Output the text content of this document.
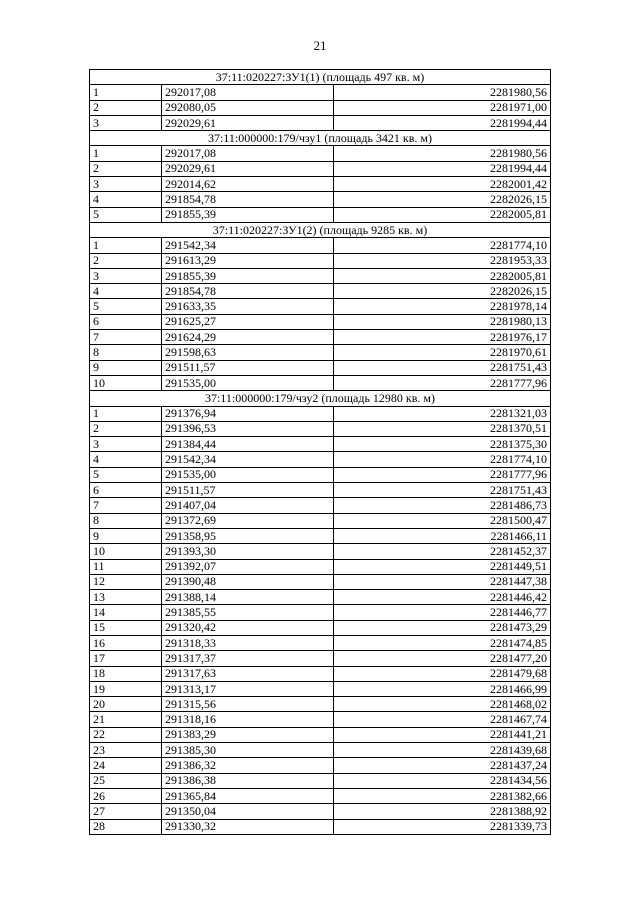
21
37:11:020227:ЗУ1(1) (площадь 497 кв. м)		
1	292017,08	2281980,56
2	292080,05	2281971,00
3	292029,61	2281994,44
37:11:000000:179/чзу1 (площадь 3421 кв. м)		
1	292017,08	2281980,56
2	292029,61	2281994,44
3	292014,62	2282001,42
4	291854,78	2282026,15
5	291855,39	2282005,81
37:11:020227:ЗУ1(2) (площадь 9285 кв. м)		
1	291542,34	2281774,10
2	291613,29	2281953,33
3	291855,39	2282005,81
4	291854,78	2282026,15
5	291633,35	2281978,14
6	291625,27	2281980,13
7	291624,29	2281976,17
8	291598,63	2281970,61
9	291511,57	2281751,43
10	291535,00	2281777,96
37:11:000000:179/чзу2 (площадь 12980 кв. м)		
1	291376,94	2281321,03
2	291396,53	2281370,51
3	291384,44	2281375,30
4	291542,34	2281774,10
5	291535,00	2281777,96
6	291511,57	2281751,43
7	291407,04	2281486,73
8	291372,69	2281500,47
9	291358,95	2281466,11
10	291393,30	2281452,37
11	291392,07	2281449,51
12	291390,48	2281447,38
13	291388,14	2281446,42
14	291385,55	2281446,77
15	291320,42	2281473,29
16	291318,33	2281474,85
17	291317,37	2281477,20
18	291317,63	2281479,68
19	291313,17	2281466,99
20	291315,56	2281468,02
21	291318,16	2281467,74
22	291383,29	2281441,21
23	291385,30	2281439,68
24	291386,32	2281437,24
25	291386,38	2281434,56
26	291365,84	2281382,66
27	291350,04	2281388,92
28	291330,32	2281339,73
